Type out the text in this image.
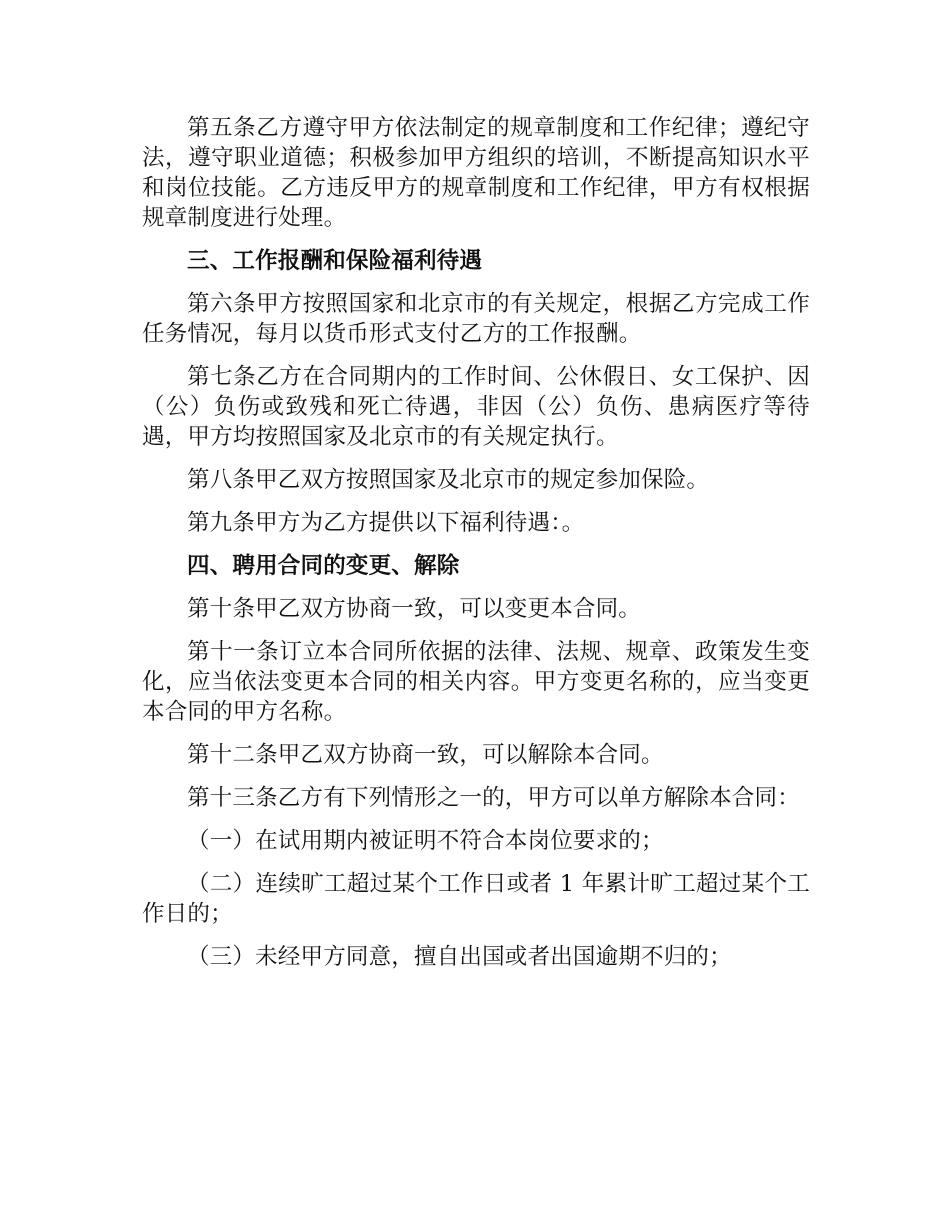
第五条乙方遵守甲方依法制定的规章制度和工作纪律；遵纪守法，遵守职业道德；积极参加甲方组织的培训，不断提高知识水平和岗位技能。乙方违反甲方的规章制度和工作纪律，甲方有权根据规章制度进行处理。

三、工作报酬和保险福利待遇

第六条甲方按照国家和北京市的有关规定，根据乙方完成工作任务情况，每月以货币形式支付乙方的工作报酬。

第七条乙方在合同期内的工作时间、公休假日、女工保护、因（公）负伤或致残和死亡待遇，非因（公）负伤、患病医疗等待遇，甲方均按照国家及北京市的有关规定执行。

第八条甲乙双方按照国家及北京市的规定参加保险。

第九条甲方为乙方提供以下福利待遇：。

四、聘用合同的变更、解除

第十条甲乙双方协商一致，可以变更本合同。

第十一条订立本合同所依据的法律、法规、规章、政策发生变化，应当依法变更本合同的相关内容。甲方变更名称的，应当变更本合同的甲方名称。

第十二条甲乙双方协商一致，可以解除本合同。

第十三条乙方有下列情形之一的，甲方可以单方解除本合同：

（一）在试用期内被证明不符合本岗位要求的；

（二）连续旷工超过某个工作日或者 1 年累计旷工超过某个工作日的；

（三）未经甲方同意，擅自出国或者出国逾期不归的；
